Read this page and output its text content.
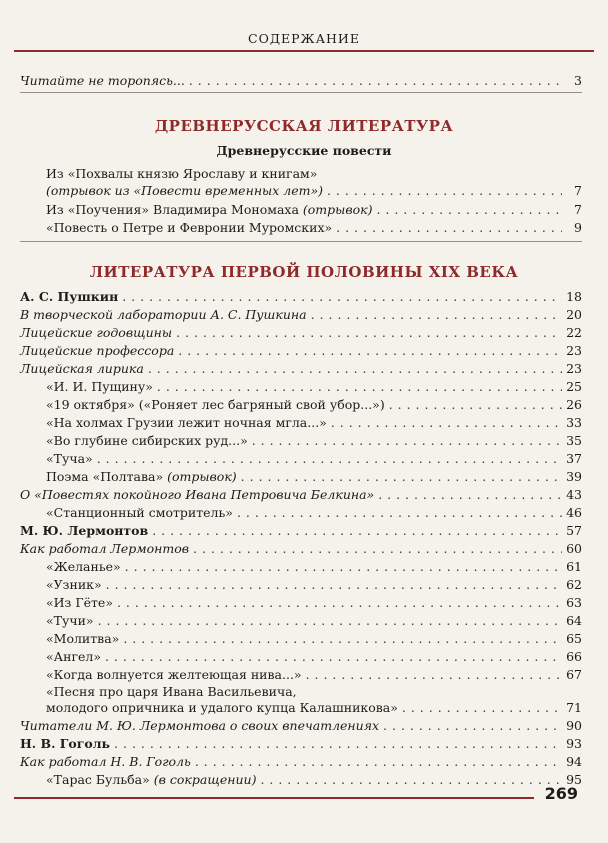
СОДЕРЖАНИЕ
Читайте не торопясь... . . .	3
ДРЕВНЕРУССКАЯ ЛИТЕРАТУРА
Древнерусские повести
Из «Похвалы князю Ярославу и книгам»
(отрывок из «Повести временных лет») . . .	7
Из «Поучения» Владимира Мономаха (отрывок) . . .	7
«Повесть о Петре и Февронии Муромских» . . .	9
ЛИТЕРАТУРА ПЕРВОЙ ПОЛОВИНЫ XIX ВЕКА
А. С. Пушкин . . .	18
В творческой лаборатории А. С. Пушкина . . .	20
Лицейские годовщины . . .	22
Лицейские профессора . . .	23
Лицейская лирика . . .	23
«И. И. Пущину» . . .	25
«19 октября» («Роняет лес багряный свой убор...») . . .	26
«На холмах Грузии лежит ночная мгла...» . . .	33
«Во глубине сибирских руд...» . . .	35
«Туча» . . .	37
Поэма «Полтава» (отрывок) . . .	39
О «Повестях покойного Ивана Петровича Белкина» . . .	43
«Станционный смотритель» . . .	46
М. Ю. Лермонтов . . .	57
Как работал Лермонтов . . .	60
«Желанье» . . .	61
«Узник» . . .	62
«Из Гёте» . . .	63
«Тучи» . . .	64
«Молитва» . . .	65
«Ангел» . . .	66
«Когда волнуется желтеющая нива...» . . .	67
«Песня про царя Ивана Васильевича,
молодого опричника и удалого купца Калашникова» . . .	71
Читатели М. Ю. Лермонтова о своих впечатлениях . . .	90
Н. В. Гоголь . . .	93
Как работал Н. В. Гоголь . . .	94
«Тарас Бульба» (в сокращении) . . .	95
269
